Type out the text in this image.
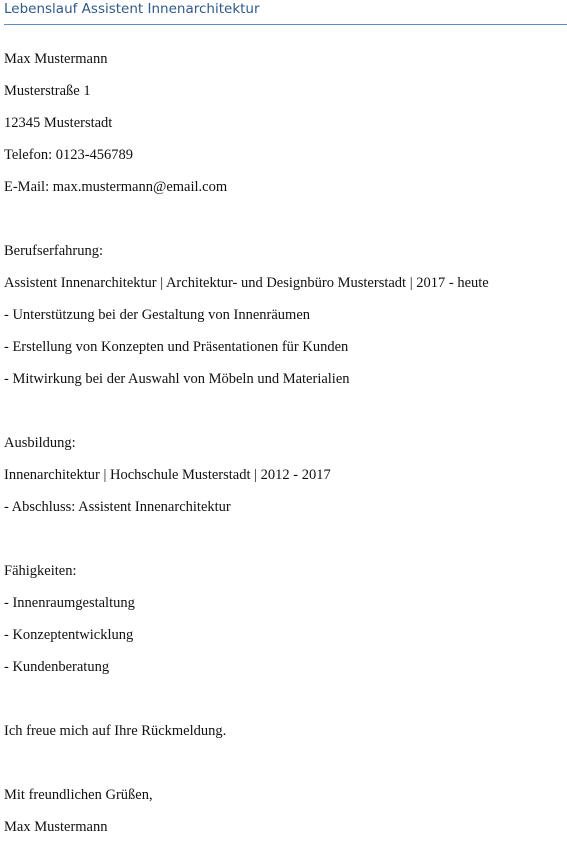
Lebenslauf Assistent Innenarchitektur
Max Mustermann
Musterstraße 1
12345 Musterstadt
Telefon: 0123-456789
E-Mail: max.mustermann@email.com
Berufserfahrung:
Assistent Innenarchitektur | Architektur- und Designbüro Musterstadt | 2017 - heute
- Unterstützung bei der Gestaltung von Innenräumen
- Erstellung von Konzepten und Präsentationen für Kunden
- Mitwirkung bei der Auswahl von Möbeln und Materialien
Ausbildung:
Innenarchitektur | Hochschule Musterstadt | 2012 - 2017
- Abschluss: Assistent Innenarchitektur
Fähigkeiten:
- Innenraumgestaltung
- Konzeptentwicklung
- Kundenberatung
Ich freue mich auf Ihre Rückmeldung.
Mit freundlichen Grüßen,
Max Mustermann
